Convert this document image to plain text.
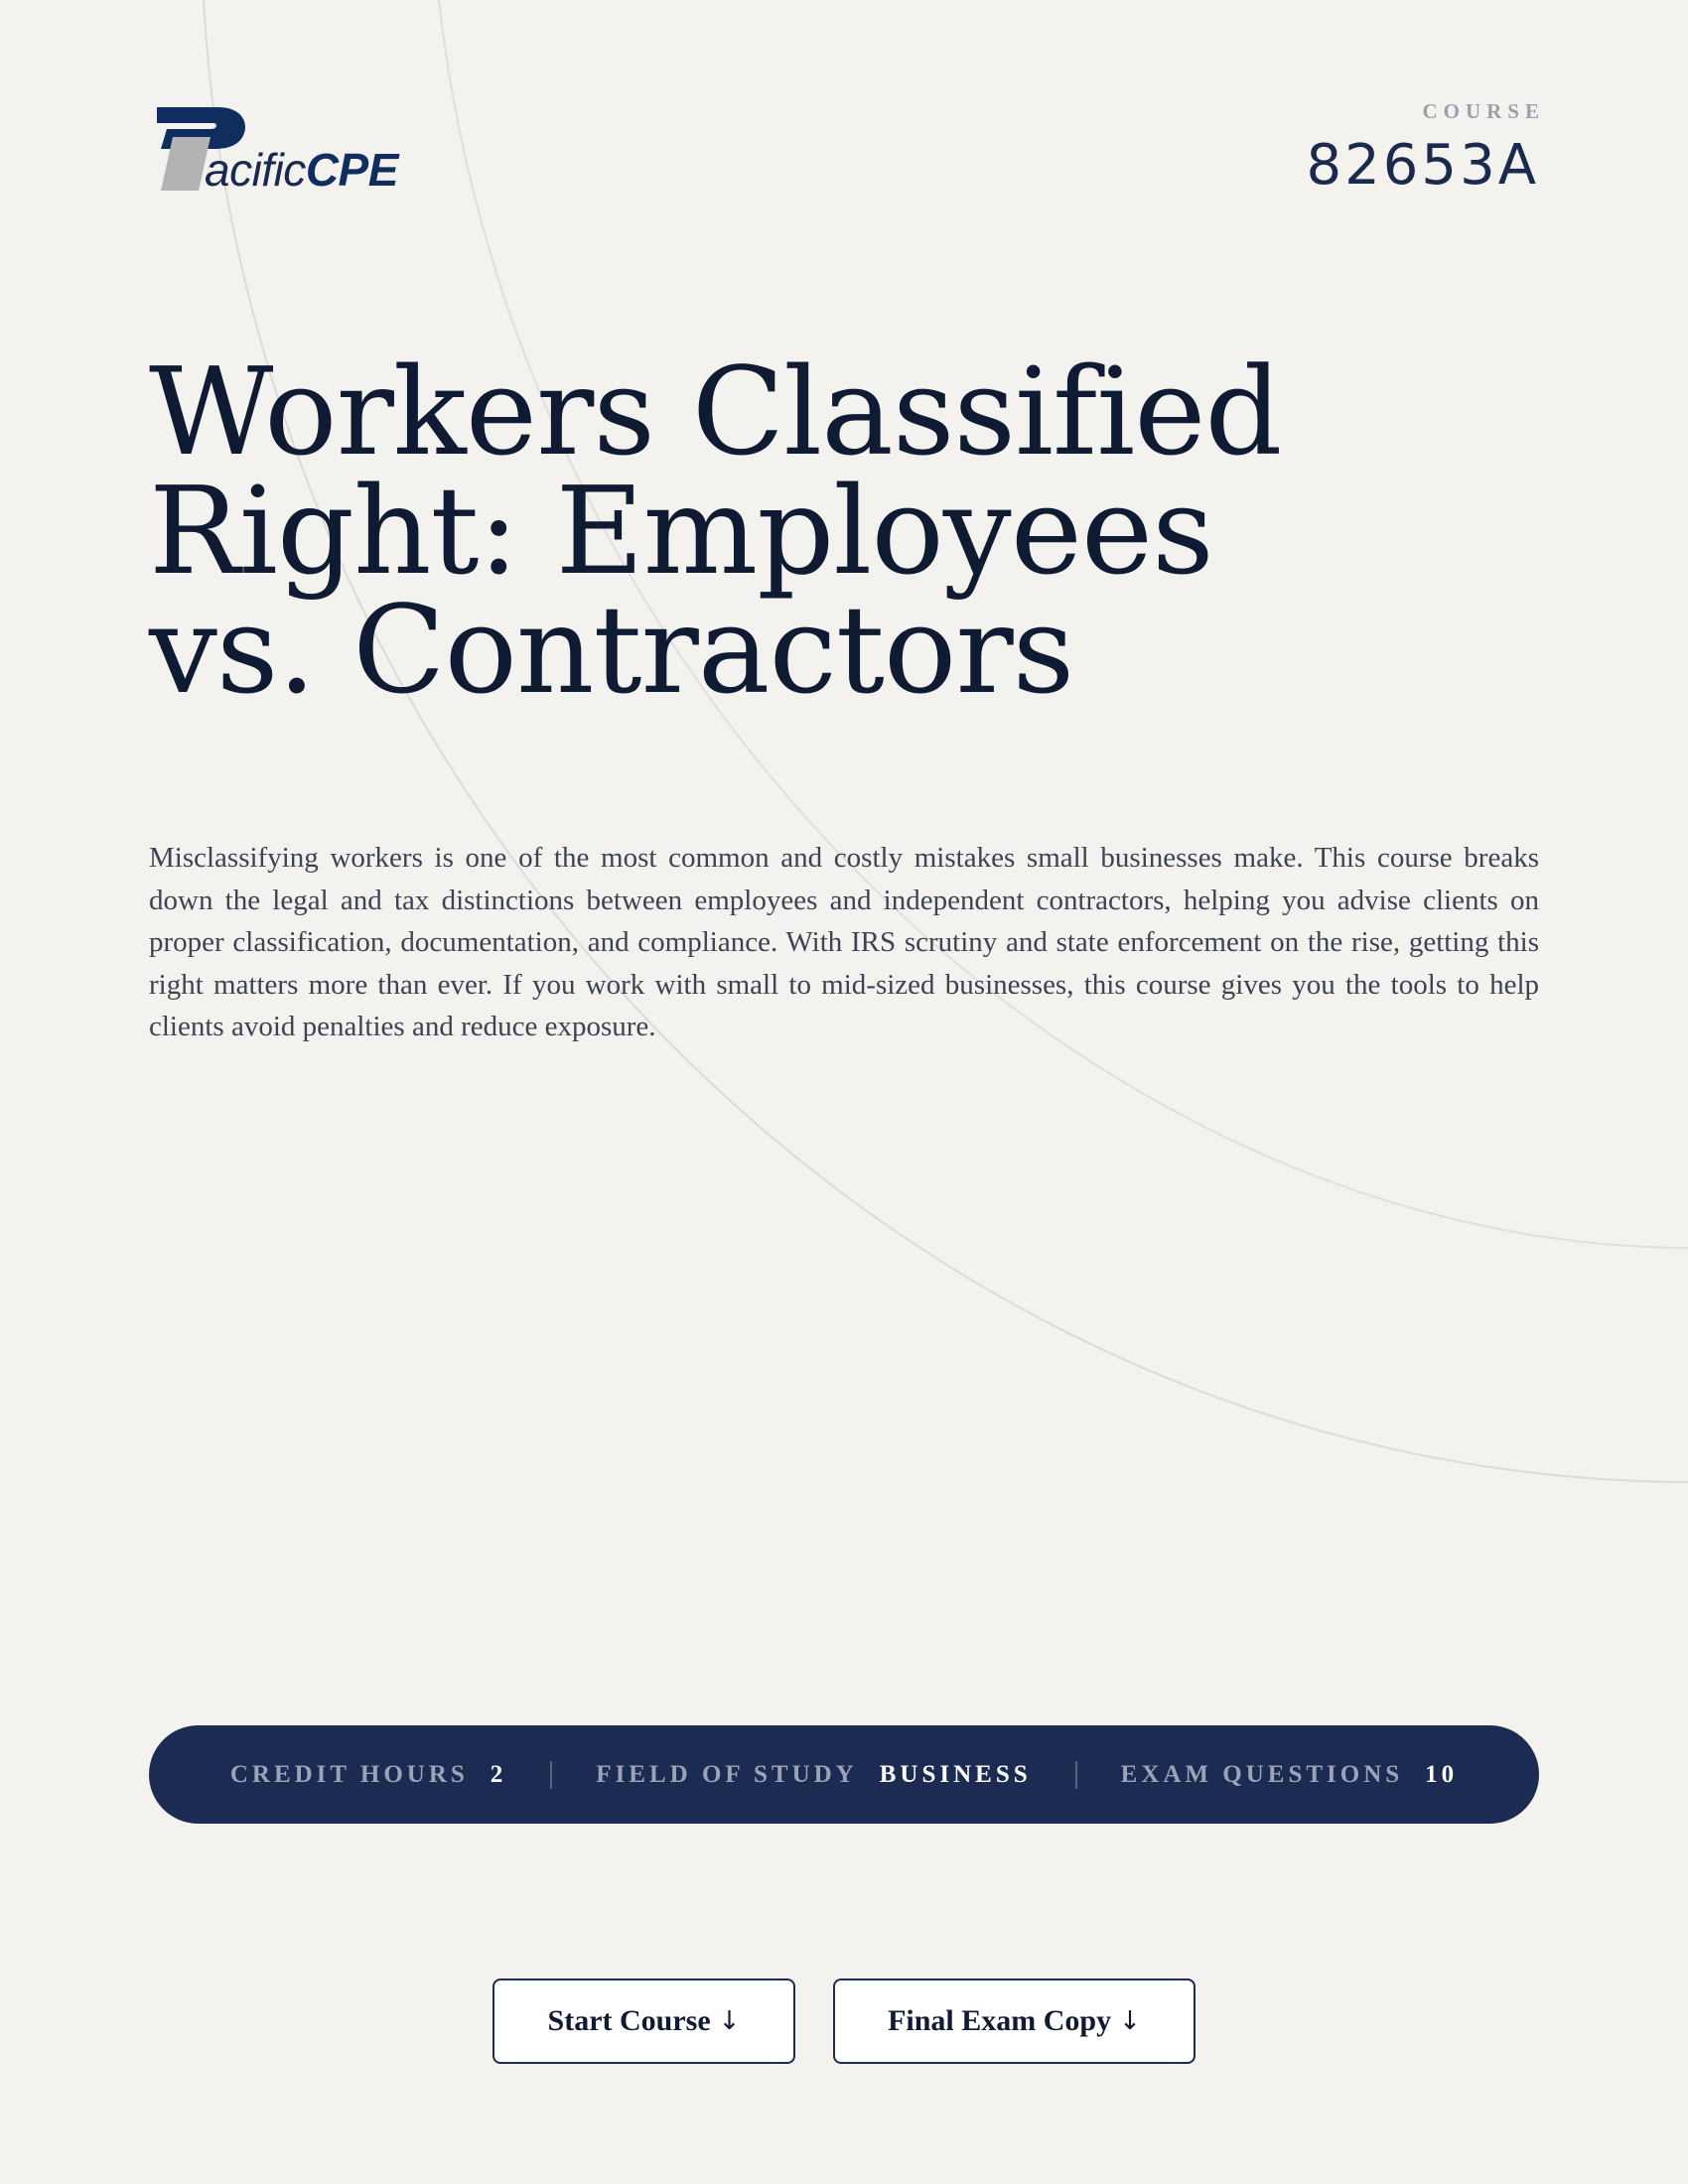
acificCPE
COURSE
82653A
Workers Classified
Right: Employees
vs. Contractors

Misclassifying workers is one of the most common and costly mistakes small businesses make. This course breaks down the legal and tax distinctions between employees and independent contractors, helping you advise clients on proper classification, documentation, and compliance. With IRS scrutiny and state enforcement on the rise, getting this right matters more than ever. If you work with small to mid-sized businesses, this course gives you the tools to help clients avoid penalties and reduce exposure.

CREDIT HOURS 2	FIELD OF STUDY BUSINESS	EXAM QUESTIONS 10
Start Course ↓	Final Exam Copy ↓
